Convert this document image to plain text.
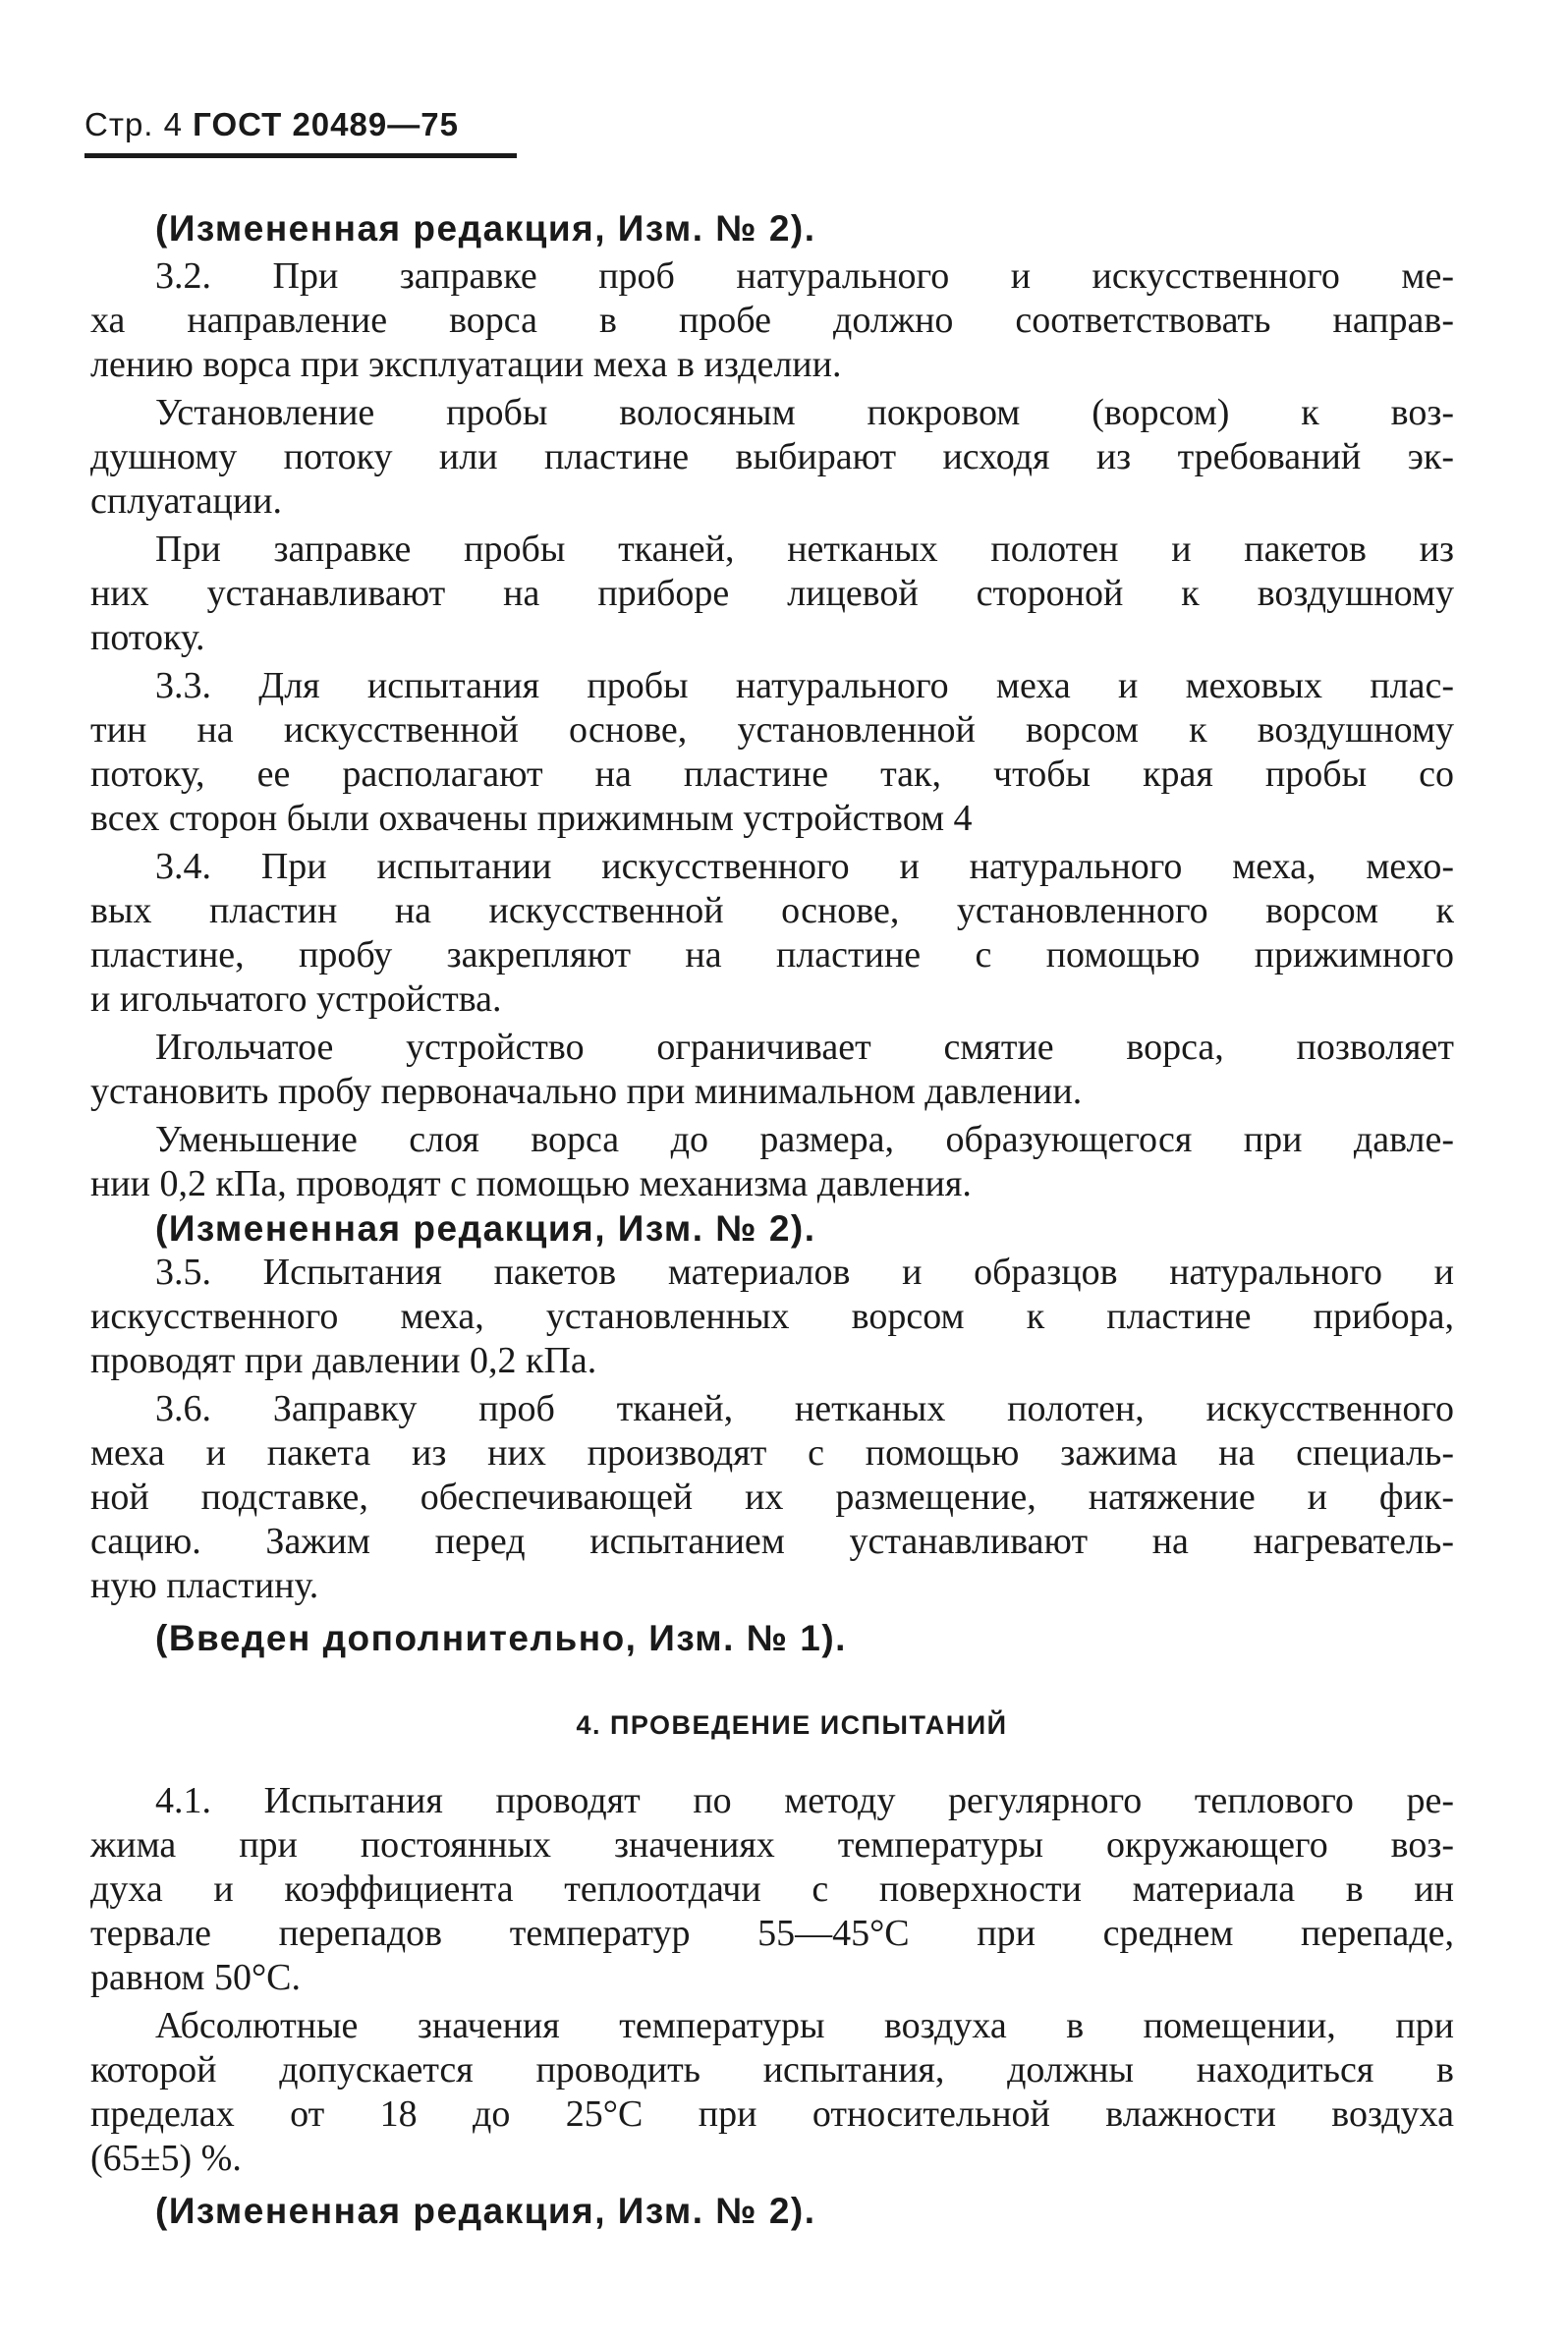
Стр. 4 ГОСТ 20489—75
(Измененная редакция, Изм. № 2).
3.2. При заправке проб натурального и искусственного ме-
ха направление ворса в пробе должно соответствовать направ-
лению ворса при эксплуатации меха в изделии.
Установление пробы волосяным покровом (ворсом) к воз-
душному потоку или пластине выбирают исходя из требований эк-
сплуатации.
При заправке пробы тканей, нетканых полотен и пакетов из
них устанавливают на приборе лицевой стороной к воздушному
потоку.
3.3. Для испытания пробы натурального меха и меховых плас-
тин на искусственной основе, установленной ворсом к воздушному
потоку, ее располагают на пластине так, чтобы края пробы со
всех сторон были охвачены прижимным устройством 4
3.4. При испытании искусственного и натурального меха, мехо-
вых пластин на искусственной основе, установленного ворсом к
пластине, пробу закрепляют на пластине с помощью прижимного
и игольчатого устройства.
Игольчатое устройство ограничивает смятие ворса, позволяет
установить пробу первоначально при минимальном давлении.
Уменьшение слоя ворса до размера, образующегося при давле-
нии 0,2 кПа, проводят с помощью механизма давления.
(Измененная редакция, Изм. № 2).
3.5. Испытания пакетов материалов и образцов натурального и
искусственного меха, установленных ворсом к пластине прибора,
проводят при давлении 0,2 кПа.
3.6. Заправку проб тканей, нетканых полотен, искусственного
меха и пакета из них производят с помощью зажима на специаль-
ной подставке, обеспечивающей их размещение, натяжение и фик-
сацию. Зажим перед испытанием устанавливают на нагреватель-
ную пластину.
(Введен дополнительно, Изм. № 1).
4. ПРОВЕДЕНИЕ ИСПЫТАНИЙ
4.1. Испытания проводят по методу регулярного теплового ре-
жима при постоянных значениях температуры окружающего воз-
духа и коэффициента теплоотдачи с поверхности материала в ин
тервале перепадов температур 55—45°С при среднем перепаде,
равном 50°С.
Абсолютные значения температуры воздуха в помещении, при
которой допускается проводить испытания, должны находиться в
пределах от 18 до 25°С при относительной влажности воздуха
(65±5) %.
(Измененная редакция, Изм. № 2).
